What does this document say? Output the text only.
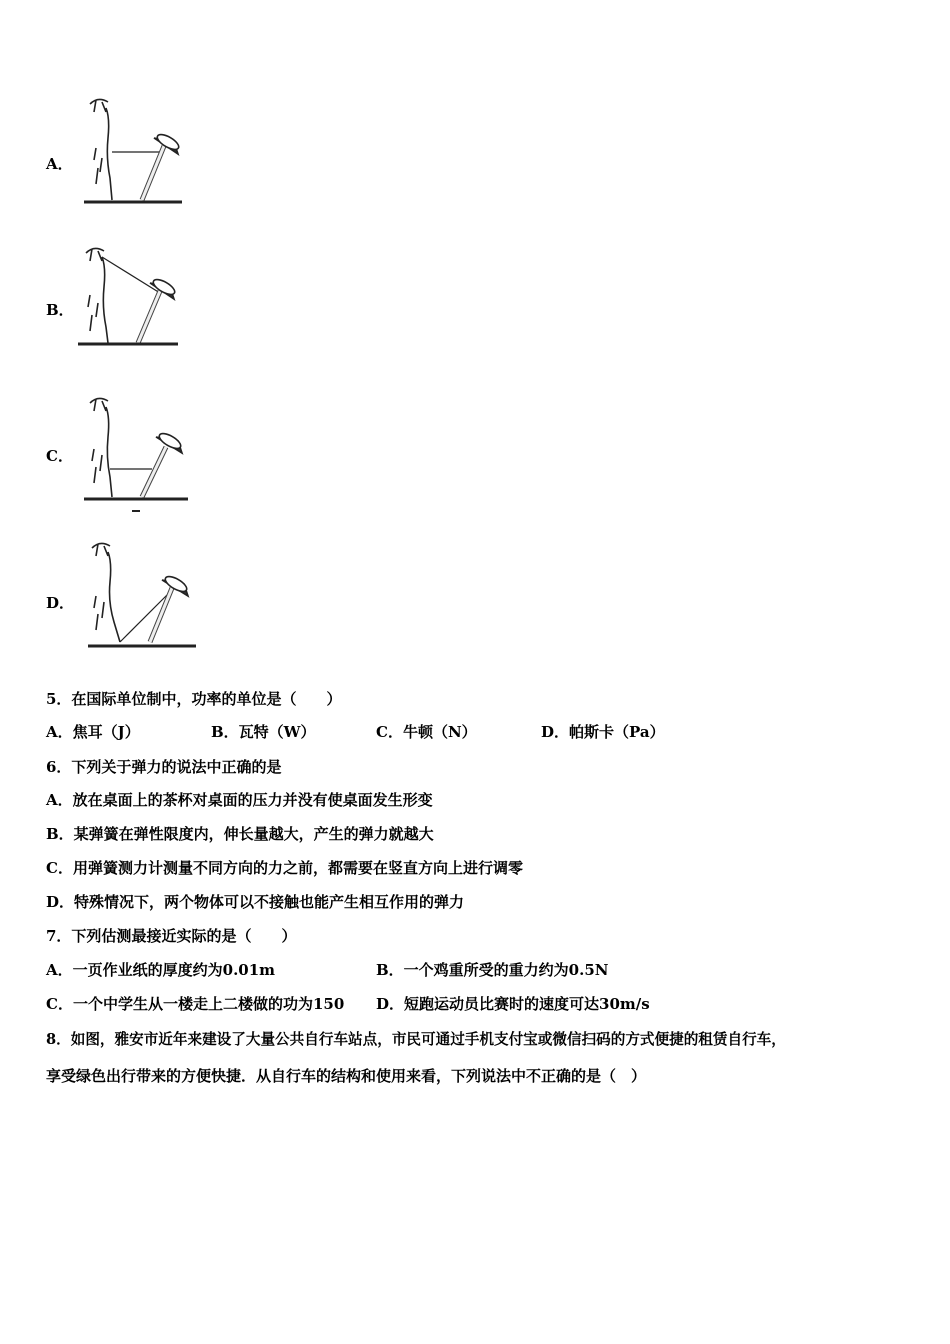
A．
B．
C．
D．
5．在国际单位制中，功率的单位是（　　）
A．焦耳（J）	B．瓦特（W）	C．牛顿（N）	D．帕斯卡（Pa）
6．下列关于弹力的说法中正确的是
A．放在桌面上的茶杯对桌面的压力并没有使桌面发生形变
B．某弹簧在弹性限度内，伸长量越大，产生的弹力就越大
C．用弹簧测力计测量不同方向的力之前，都需要在竖直方向上进行调零
D．特殊情况下，两个物体可以不接触也能产生相互作用的弹力
7．下列估测最接近实际的是（　　）
A．一页作业纸的厚度约为0.01m	B．一个鸡重所受的重力约为0.5N
C．一个中学生从一楼走上二楼做的功为150 D．短跑运动员比赛时的速度可达30m/s
8．如图，雅安市近年来建设了大量公共自行车站点，市民可通过手机支付宝或微信扫码的方式便捷的租赁自行车，
享受绿色出行带来的方便快捷．从自行车的结构和使用来看，下列说法中不正确的是（　）
